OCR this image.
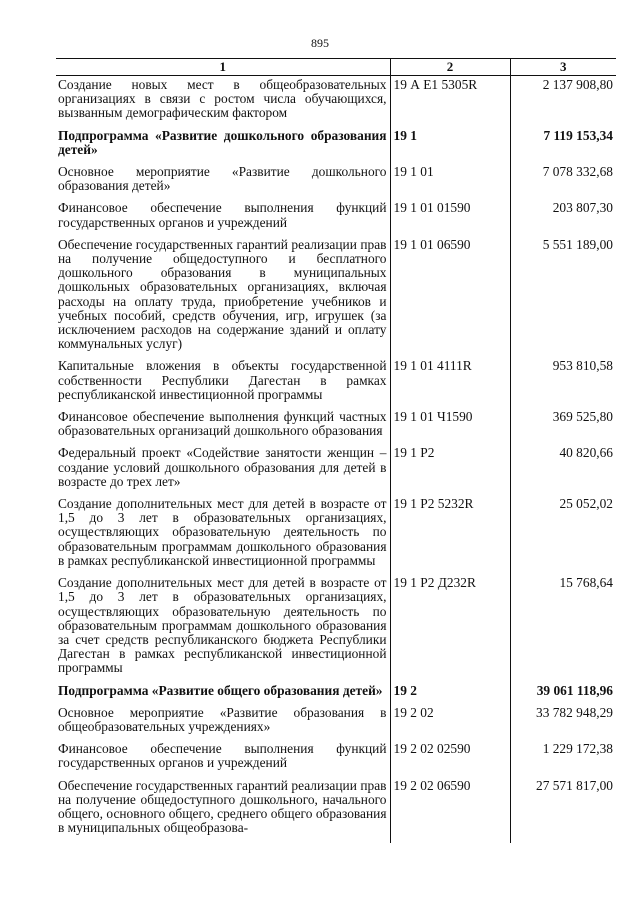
895
1	2	3
Создание новых мест в общеобразовательных организациях в связи с ростом числа обучающихся, вызванным демографическим фактором	19 А Е1 5305R	2 137 908,80
Подпрограмма «Развитие дошкольного образования детей»	19 1	7 119 153,34
Основное мероприятие «Развитие дошкольного образования детей»	19 1 01	7 078 332,68
Финансовое обеспечение выполнения функций государственных органов и учреждений	19 1 01 01590	203 807,30
Обеспечение государственных гарантий реализации прав на получение общедоступного и бесплатного дошкольного образования в муниципальных дошкольных образовательных организациях, включая расходы на оплату труда, приобретение учебников и учебных пособий, средств обучения, игр, игрушек (за исключением расходов на содержание зданий и оплату коммунальных услуг)	19 1 01 06590	5 551 189,00
Капитальные вложения в объекты государственной собственности Республики Дагестан в рамках республиканской инвестиционной программы	19 1 01 4111R	953 810,58
Финансовое обеспечение выполнения функций частных образовательных организаций дошкольного образования	19 1 01 Ч1590	369 525,80
Федеральный проект «Содействие занятости женщин – создание условий дошкольного образования для детей в возрасте до трех лет»	19 1 Р2	40 820,66
Создание дополнительных мест для детей в возрасте от 1,5 до 3 лет в образовательных организациях, осуществляющих образовательную деятельность по образовательным программам дошкольного образования в рамках республиканской инвестиционной программы	19 1 Р2 5232R	25 052,02
Создание дополнительных мест для детей в возрасте от 1,5 до 3 лет в образовательных организациях, осуществляющих образовательную деятельность по образовательным программам дошкольного образования за счет средств республиканского бюджета Республики Дагестан в рамках республиканской инвестиционной программы	19 1 Р2 Д232R	15 768,64
Подпрограмма «Развитие общего образования детей»	19 2	39 061 118,96
Основное мероприятие «Развитие образования в общеобразовательных учреждениях»	19 2 02	33 782 948,29
Финансовое обеспечение выполнения функций государственных органов и учреждений	19 2 02 02590	1 229 172,38
Обеспечение государственных гарантий реализации прав на получение общедоступного дошкольного, начального общего, основного общего, среднего общего образования в муниципальных общеобразова-	19 2 02 06590	27 571 817,00
